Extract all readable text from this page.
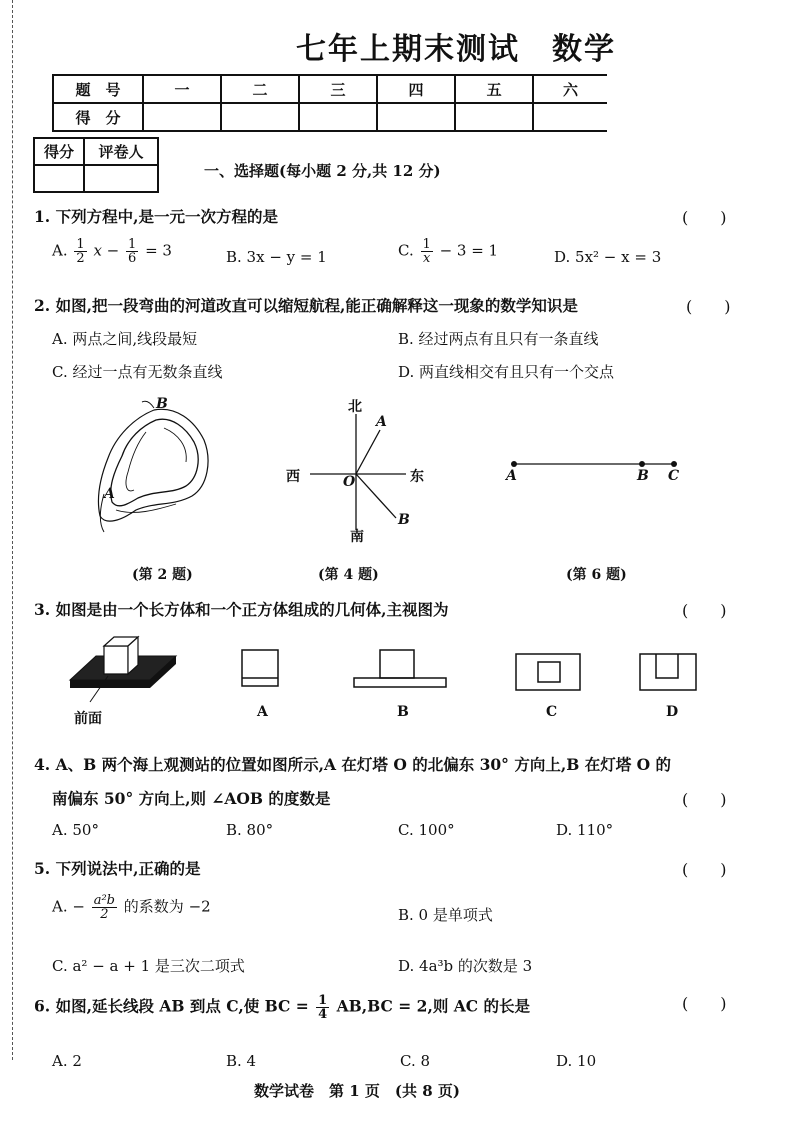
七年上期末测试　数学
题　号	一	二	三	四	五	六
得　分						
得分	评卷人

一、选择题(每小题 2 分,共 12 分)
1. 下列方程中,是一元一次方程的是	(　　)
A. $\frac{1}{2}$ $x - \frac{1}{6} = 3$	B. 3x − y = 1	C. $\frac{1}{x} - 3 = 1$	D. 5x² − x = 3
2. 如图,把一段弯曲的河道改直可以缩短航程,能正确解释这一现象的数学知识是	(　　)
A. 两点之间,线段最短	B. 经过两点有且只有一条直线
C. 经过一点有无数条直线	D. 两直线相交有且只有一个交点
B
A
(第 2 题)
北
南
西	东
O
A
B
(第 4 题)
A	B C
(第 6 题)
3. 如图是由一个长方体和一个正方体组成的几何体,主视图为	(　　)
前面	A	B	C	D
4. A、B 两个海上观测站的位置如图所示,A 在灯塔 O 的北偏东 30° 方向上,B 在灯塔 O 的
南偏东 50° 方向上,则 ∠AOB 的度数是	(　　)
A. 50°	B. 80°	C. 100°	D. 110°
5. 下列说法中,正确的是	(　　)
A. − $\frac{\text{a²b}}{2}$ 的系数为 −2	B. 0 是单项式
C. a² − a + 1 是三次二项式	D. 4a³b 的次数是 3
6. 如图,延长线段 AB 到点 C,使 BC = $\frac{1}{4} AB,BC = 2$,则 AC 的长是	(　　)
A. 2	B. 4	C. 8	D. 10
数学试卷　第 1 页　(共 8 页)
